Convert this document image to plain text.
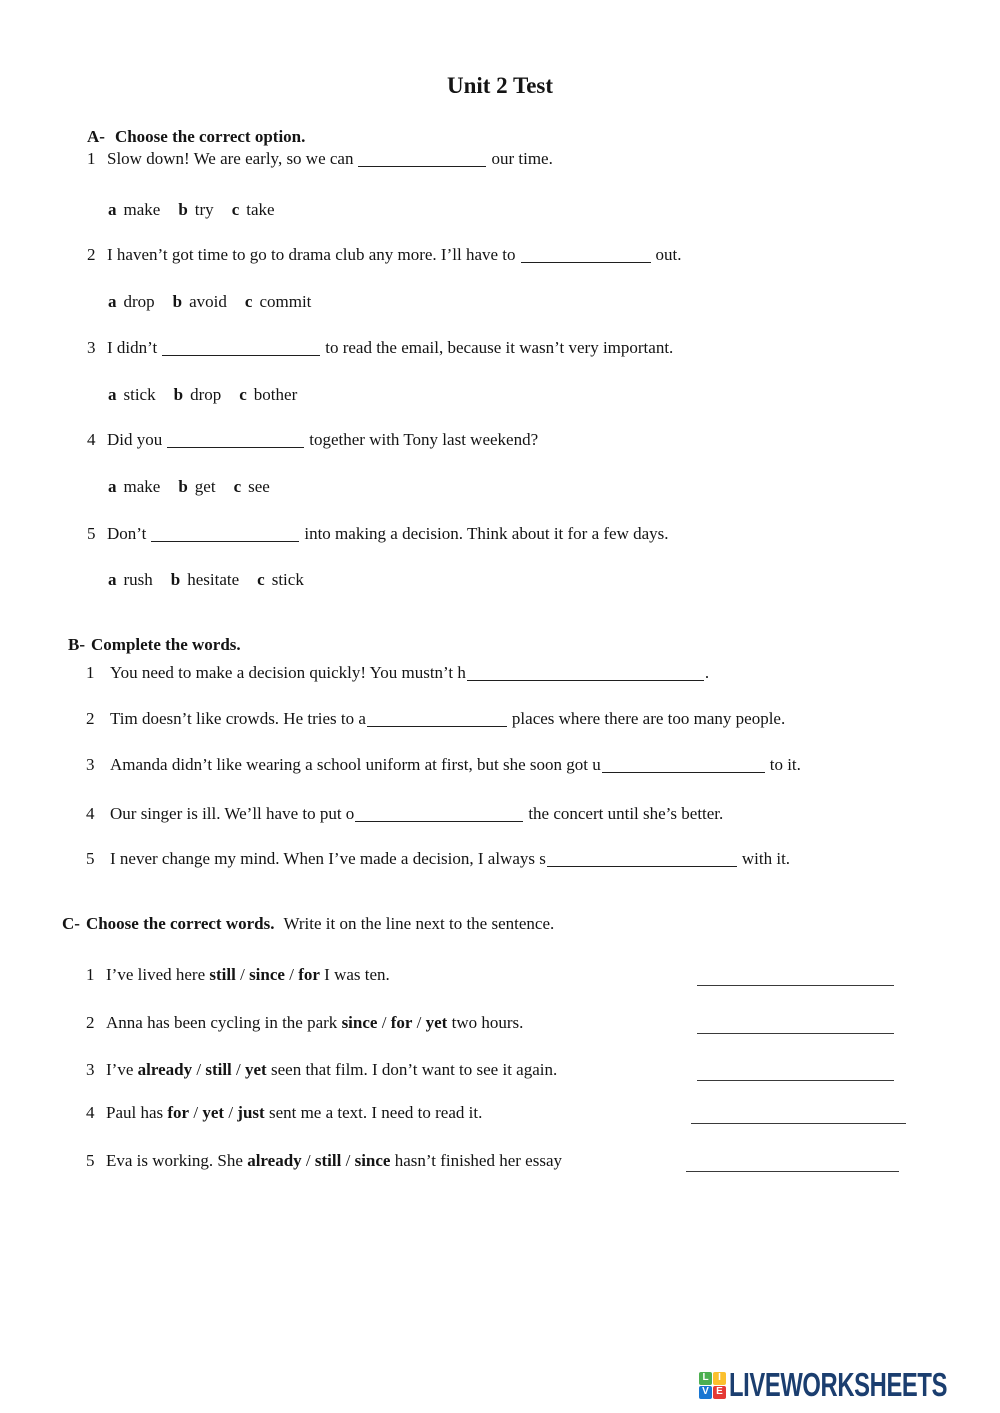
Unit 2 Test
A- Choose the correct option.
1 Slow down! We are early, so we can	our time.
a make b try c take
2 I haven’t got time to go to drama club any more. I’ll have to	out.
a drop b avoid c commit
3 I didn’t	to read the email, because it wasn’t very important.
a stick b drop c bother
4 Did you	together with Tony last weekend?
a make b get c see
5 Don’t	into making a decision. Think about it for a few days.
a rush b hesitate c stick
B- Complete the words.
1 You need to make a decision quickly! You mustn’t h	.
2 Tim doesn’t like crowds. He tries to a	places where there are too many people.
3 Amanda didn’t like wearing a school uniform at first, but she soon got u	to it.
4 Our singer is ill. We’ll have to put o	the concert until she’s better.
5 I never change my mind. When I’ve made a decision, I always s	with it.
C- Choose the correct words. Write it on the line next to the sentence.
1 I’ve lived here still / since / for I was ten.
2 Anna has been cycling in the park since / for / yet two hours.
3 I’ve already / still / yet seen that film. I don’t want to see it again.
4 Paul has for / yet / just sent me a text. I need to read it.
5 Eva is working. She already / still / since hasn’t finished her essay
L I
V E LIVEWORKSHEETS
